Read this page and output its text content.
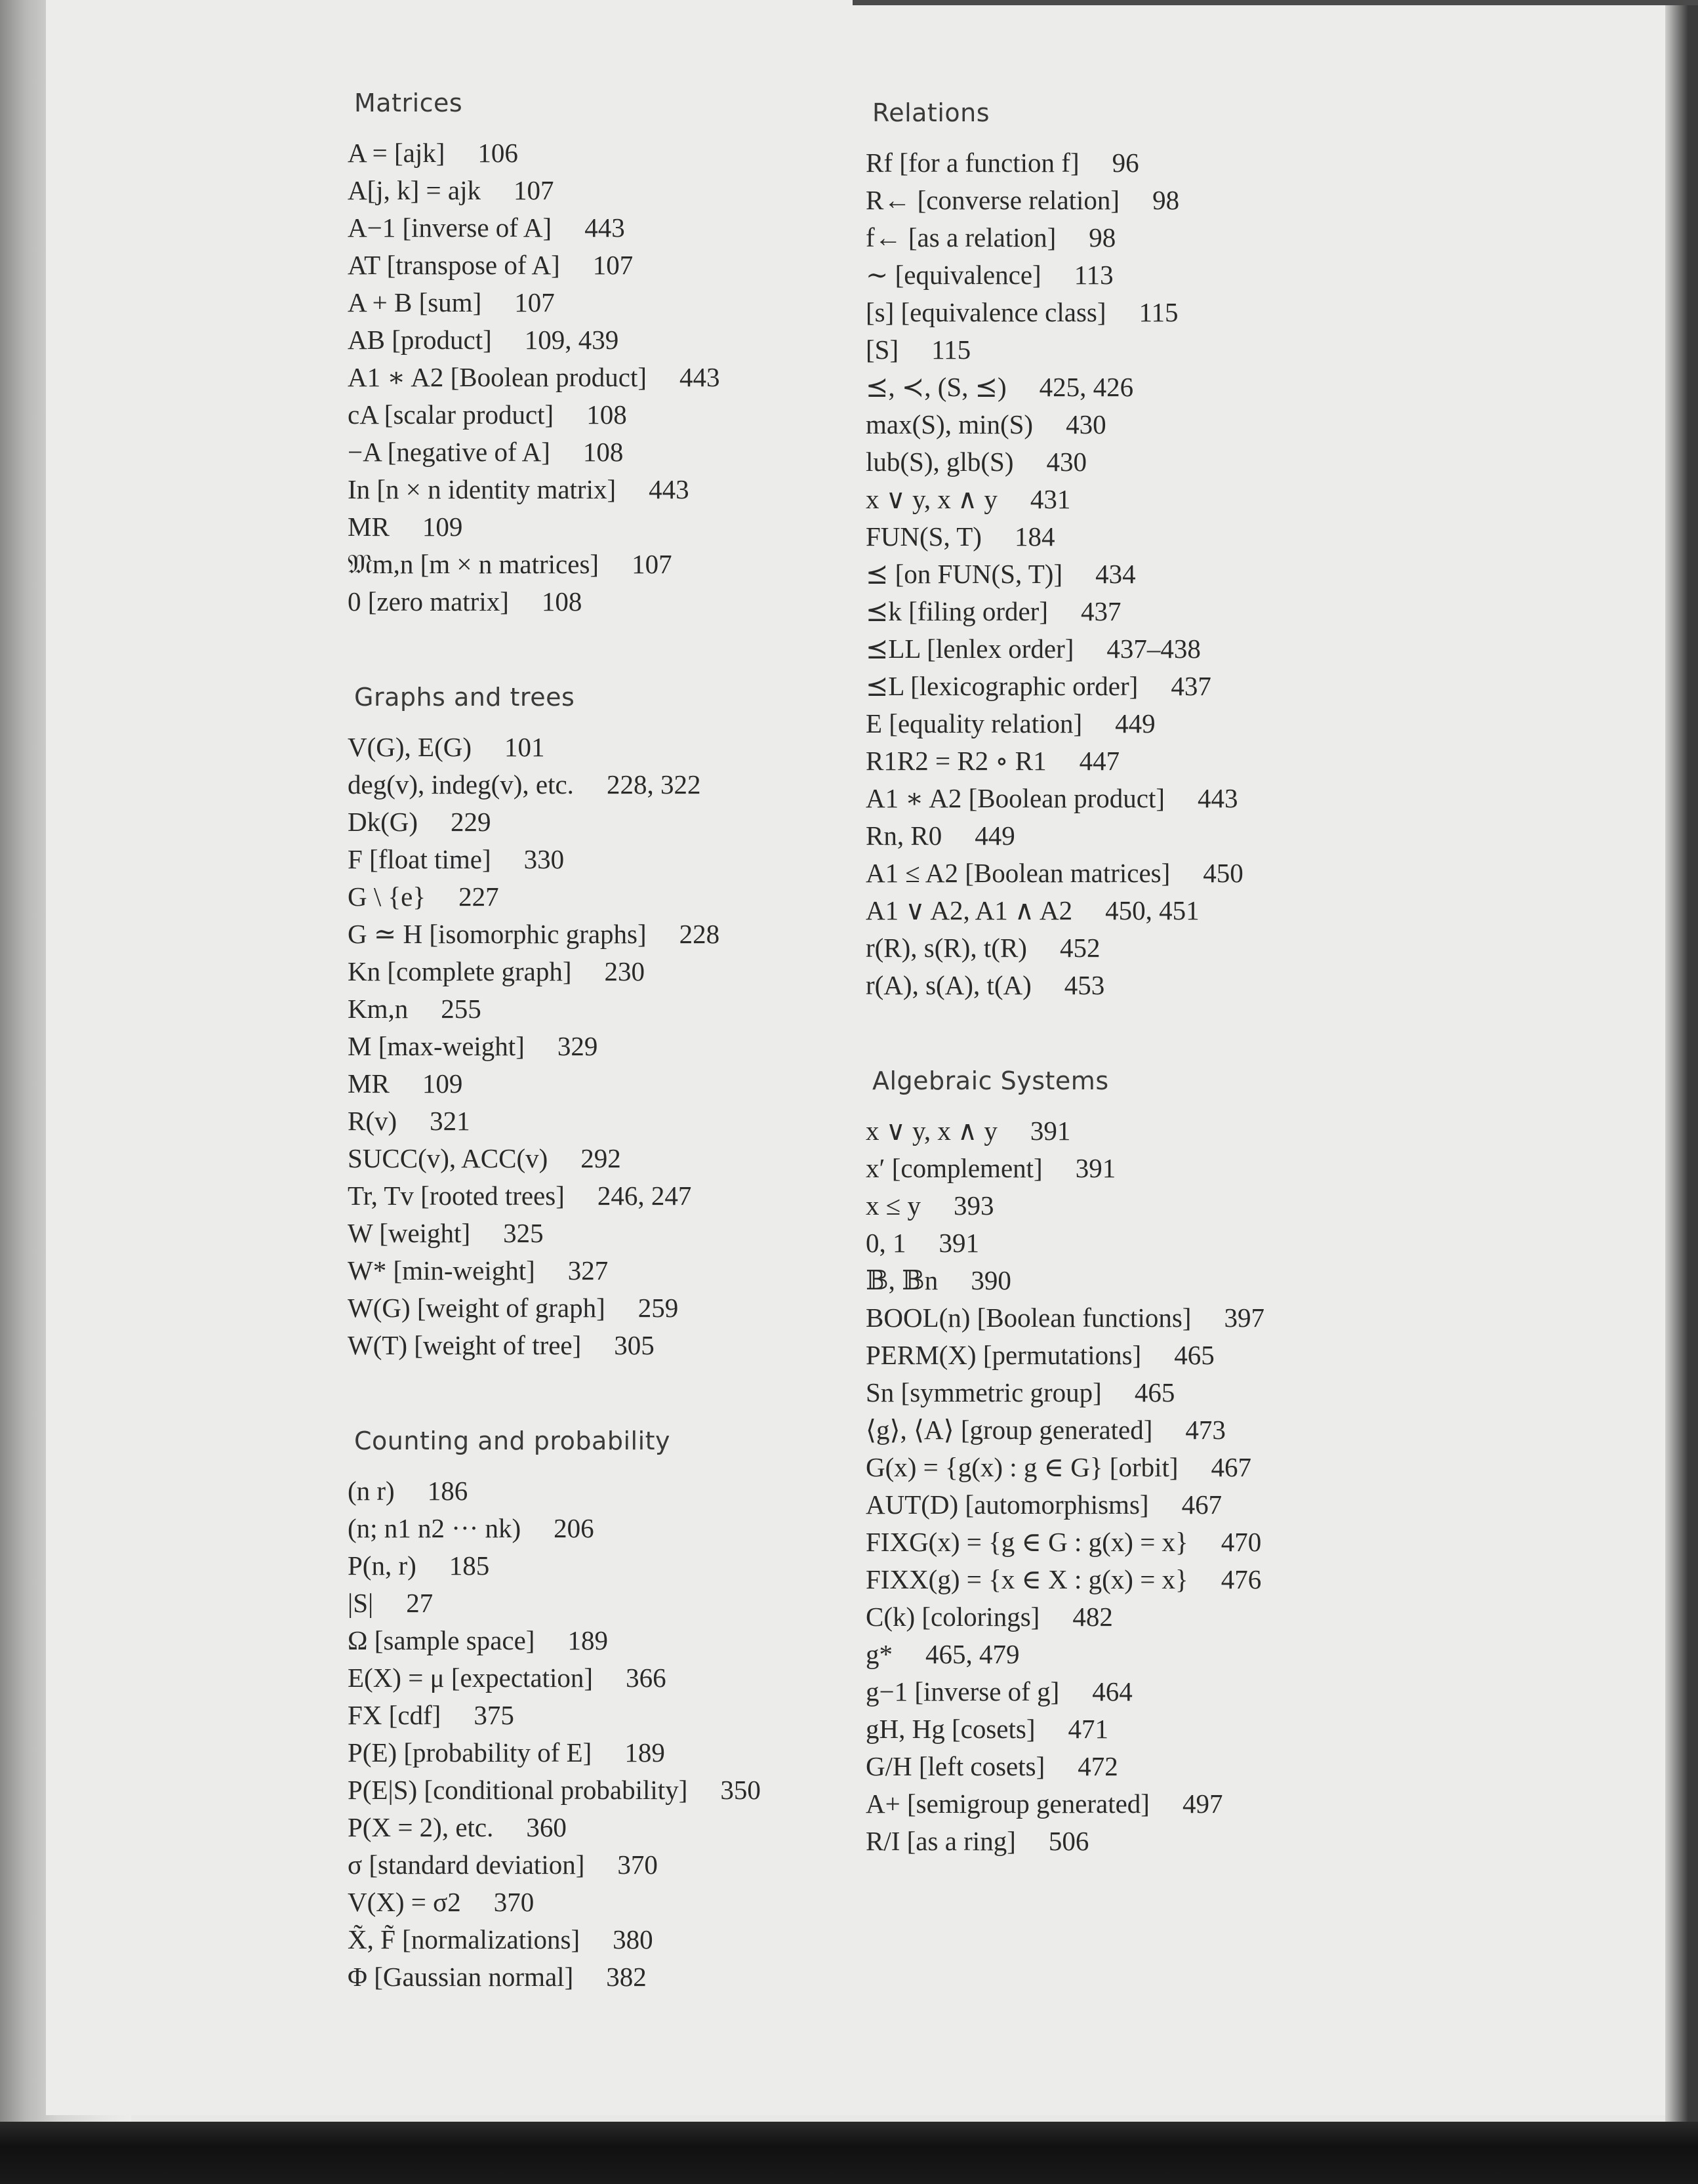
Matrices
A = [ajk] 106
A[j, k] = ajk 107
A−1 [inverse of A] 443
AT [transpose of A] 107
A + B [sum] 107
AB [product] 109, 439
A1 ∗ A2 [Boolean product] 443
cA [scalar product] 108
−A [negative of A] 108
In [n × n identity matrix] 443
MR 109
𝔐m,n [m × n matrices] 107
0 [zero matrix] 108
Graphs and trees
V(G), E(G) 101
deg(v), indeg(v), etc. 228, 322
Dk(G) 229
F [float time] 330
G \ {e} 227
G ≃ H [isomorphic graphs] 228
Kn [complete graph] 230
Km,n 255
M [max-weight] 329
MR 109
R(v) 321
SUCC(v), ACC(v) 292
Tr, Tv [rooted trees] 246, 247
W [weight] 325
W* [min-weight] 327
W(G) [weight of graph] 259
W(T) [weight of tree] 305
Counting and probability
(n r) 186
(n; n1 n2 ··· nk) 206
P(n, r) 185
|S| 27
Ω [sample space] 189
E(X) = μ [expectation] 366
FX [cdf] 375
P(E) [probability of E] 189
P(E|S) [conditional probability] 350
P(X = 2), etc. 360
σ [standard deviation] 370
V(X) = σ2 370
X̃, F̃ [normalizations] 380
Φ [Gaussian normal] 382
Relations
Rf [for a function f] 96
R← [converse relation] 98
f← [as a relation] 98
∼ [equivalence] 113
[s] [equivalence class] 115
[S] 115
⪯, ≺, (S, ⪯) 425, 426
max(S), min(S) 430
lub(S), glb(S) 430
x ∨ y, x ∧ y 431
FUN(S, T) 184
⪯ [on FUN(S, T)] 434
⪯k [filing order] 437
⪯LL [lenlex order] 437–438
⪯L [lexicographic order] 437
E [equality relation] 449
R1R2 = R2 ∘ R1 447
A1 ∗ A2 [Boolean product] 443
Rn, R0 449
A1 ≤ A2 [Boolean matrices] 450
A1 ∨ A2, A1 ∧ A2 450, 451
r(R), s(R), t(R) 452
r(A), s(A), t(A) 453
Algebraic Systems
x ∨ y, x ∧ y 391
x′ [complement] 391
x ≤ y 393
0, 1 391
𝔹, 𝔹n 390
BOOL(n) [Boolean functions] 397
PERM(X) [permutations] 465
Sn [symmetric group] 465
⟨g⟩, ⟨A⟩ [group generated] 473
G(x) = {g(x) : g ∈ G} [orbit] 467
AUT(D) [automorphisms] 467
FIXG(x) = {g ∈ G : g(x) = x} 470
FIXX(g) = {x ∈ X : g(x) = x} 476
C(k) [colorings] 482
g* 465, 479
g−1 [inverse of g] 464
gH, Hg [cosets] 471
G/H [left cosets] 472
A+ [semigroup generated] 497
R/I [as a ring] 506
